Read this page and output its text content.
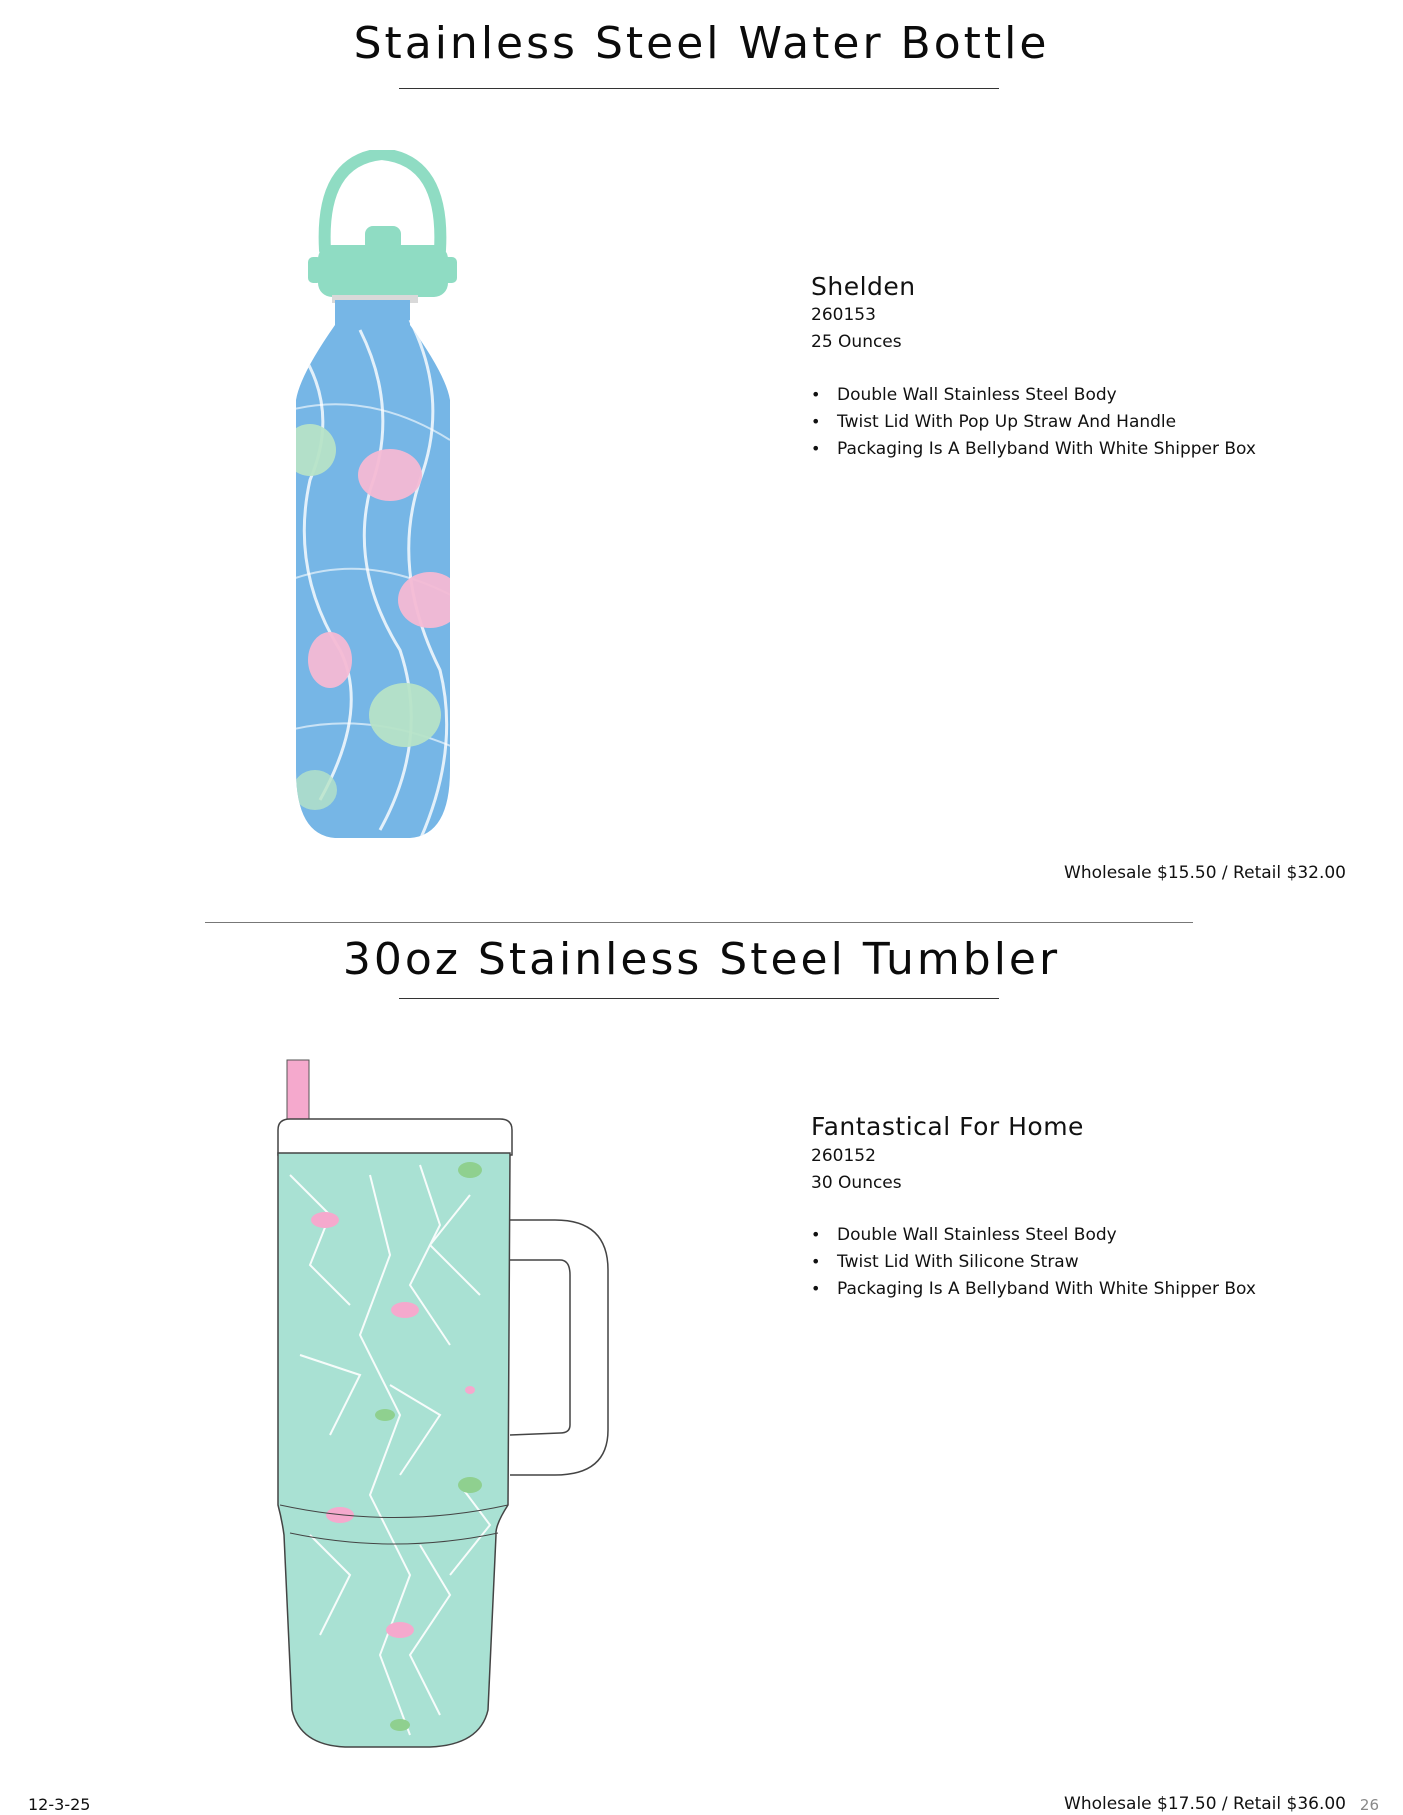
Stainless Steel Water Bottle
Shelden
260153
25 Ounces
• Double Wall Stainless Steel Body
• Twist Lid With Pop Up Straw And Handle
• Packaging Is A Bellyband With White Shipper Box
Wholesale $15.50 / Retail $32.00
30oz Stainless Steel Tumbler
Fantastical For Home
260152
30 Ounces
• Double Wall Stainless Steel Body
• Twist Lid With Silicone Straw
• Packaging Is A Bellyband With White Shipper Box
12-3-25	Wholesale $17.50 / Retail $36.00 26
